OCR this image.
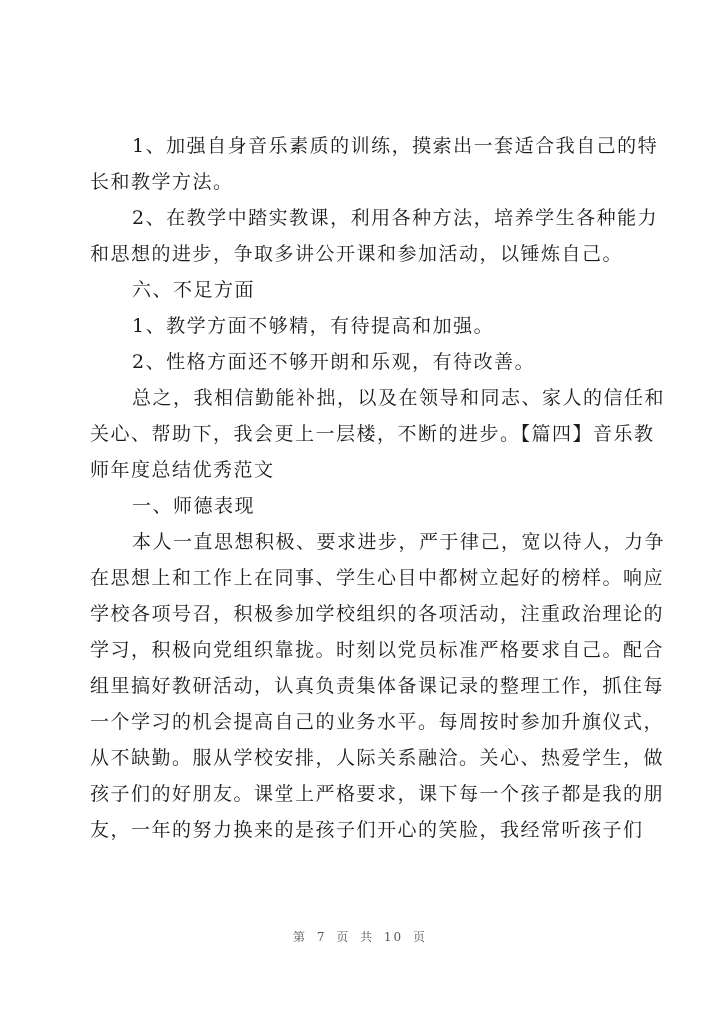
1、加强自身音乐素质的训练，摸索出一套适合我自己的特
长和教学方法。
2、在教学中踏实教课，利用各种方法，培养学生各种能力
和思想的进步，争取多讲公开课和参加活动，以锤炼自己。
六、不足方面
1、教学方面不够精，有待提高和加强。
2、性格方面还不够开朗和乐观，有待改善。
总之，我相信勤能补拙，以及在领导和同志、家人的信任和
关心、帮助下，我会更上一层楼，不断的进步。【篇四】音乐教
师年度总结优秀范文
一、师德表现
本人一直思想积极、要求进步，严于律己，宽以待人，力争
在思想上和工作上在同事、学生心目中都树立起好的榜样。响应
学校各项号召，积极参加学校组织的各项活动，注重政治理论的
学习，积极向党组织靠拢。时刻以党员标准严格要求自己。配合
组里搞好教研活动，认真负责集体备课记录的整理工作，抓住每
一个学习的机会提高自己的业务水平。每周按时参加升旗仪式，
从不缺勤。服从学校安排，人际关系融洽。关心、热爱学生，做
孩子们的好朋友。课堂上严格要求，课下每一个孩子都是我的朋
友，一年的努力换来的是孩子们开心的笑脸，我经常听孩子们
第 7 页 共 10 页
